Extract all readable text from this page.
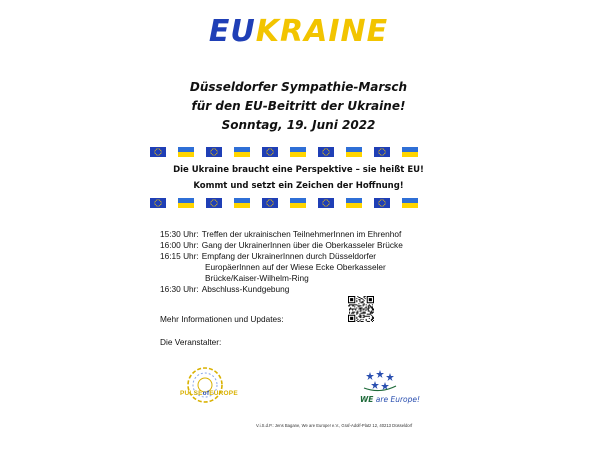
EUKRAINE
Düsseldorfer Sympathie-Marsch
für den EU-Beitritt der Ukraine!
Sonntag, 19. Juni 2022
Die Ukraine braucht eine Perspektive – sie heißt EU!
Kommt und setzt ein Zeichen der Hoffnung!
15:30 Uhr: Treffen der ukrainischen TeilnehmerInnen im Ehrenhof
16:00 Uhr: Gang der UkrainerInnen über die Oberkasseler Brücke
16:15 Uhr: Empfang der UkrainerInnen durch Düsseldorfer
EuropäerInnen auf der Wiese Ecke Oberkasseler
Brücke/Kaiser-Wilhelm-Ring
16:30 Uhr: Abschluss-Kundgebung
Mehr Informationen und Updates:
Die Veranstalter:
PULSEofEUROPE
WE are Europe!
V.i.S.d.P.: Jens Bagane, We are Europe! e.V., Graf-Adolf-Platz 12, 40213 Düsseldorf
